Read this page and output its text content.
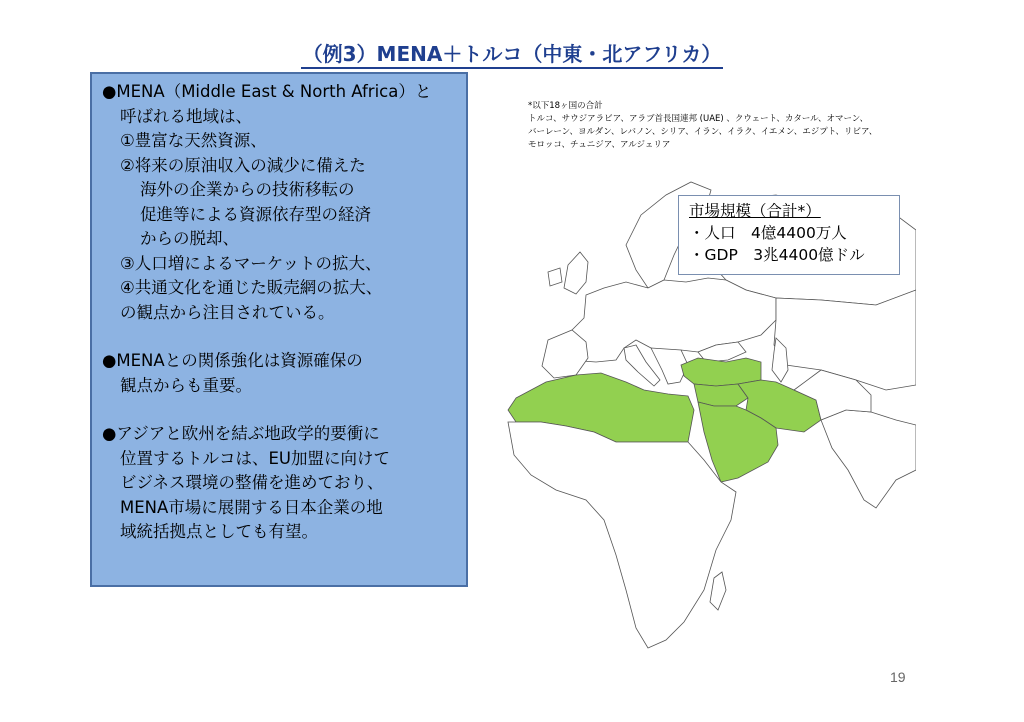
（例3）MENA＋トルコ（中東・北アフリカ）

●MENA（Middle East & North Africa）と

呼ばれる地域は、

①豊富な天然資源、

②将来の原油収入の減少に備えた

海外の企業からの技術移転の

促進等による資源依存型の経済

からの脱却、

③人口増によるマーケットの拡大、

④共通文化を通じた販売網の拡大、

の観点から注目されている。

●MENAとの関係強化は資源確保の

観点からも重要。

●アジアと欧州を結ぶ地政学的要衝に

位置するトルコは、EU加盟に向けて

ビジネス環境の整備を進めており、

MENA市場に展開する日本企業の地

域統括拠点としても有望。

*以下18ヶ国の合計
トルコ、サウジアラビア、アラブ首長国連邦 (UAE) 、クウェート、カタール、オマーン、
バーレーン、ヨルダン、レバノン、シリア、イラン、イラク、イエメン、エジプト、リビア、
モロッコ、チュニジア、アルジェリア
市場規模（合計*）
・人口　4億4400万人
・GDP　3兆4400億ドル
19
